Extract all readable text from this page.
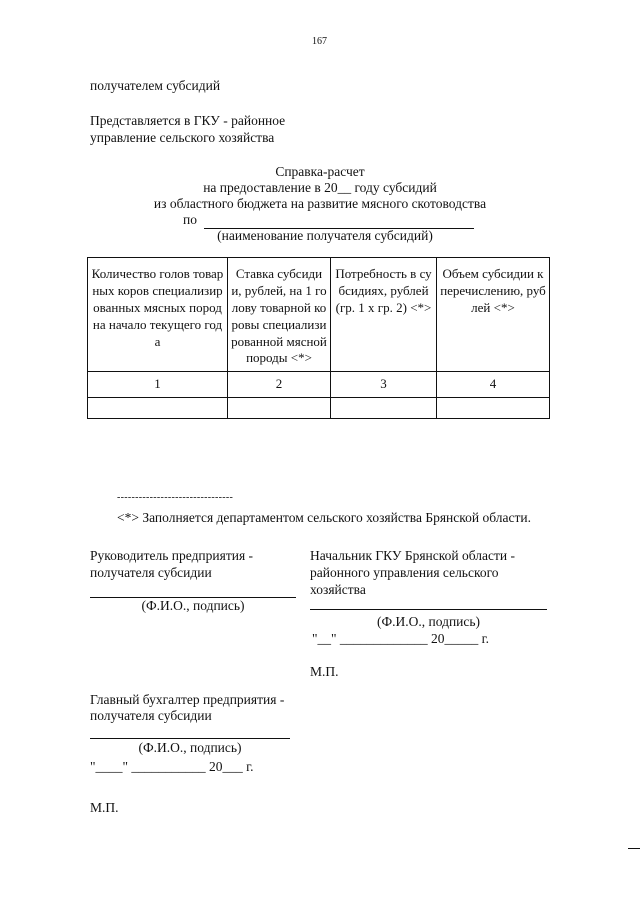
167
получателем субсидий
Представляется в ГКУ - районное
управление сельского хозяйства
Справка-расчет
на предоставление в 20__ году субсидий
из областного бюджета на развитие мясного скотоводства
по
(наименование получателя субсидий)
Количество голов товарных коров специализированных мясных пород на начало текущего года	Ставка субсидии, рублей, на 1 голову товарной коровы специализированной мясной породы <*>	Потребность в субсидиях, рублей (гр. 1 x гр. 2) <*>	Объем субсидии к перечислению, рублей <*>
1	2	3	4

--------------------------------
<*> Заполняется департаментом сельского хозяйства Брянской области.
Руководитель предприятия -
получателя субсидии
(Ф.И.О., подпись)
Начальник ГКУ Брянской области -
районного управления сельского
хозяйства
(Ф.И.О., подпись)
"__" _____________ 20_____ г.
М.П.
Главный бухгалтер предприятия -
получателя субсидии
(Ф.И.О., подпись)
"____" ___________ 20___ г.
М.П.
